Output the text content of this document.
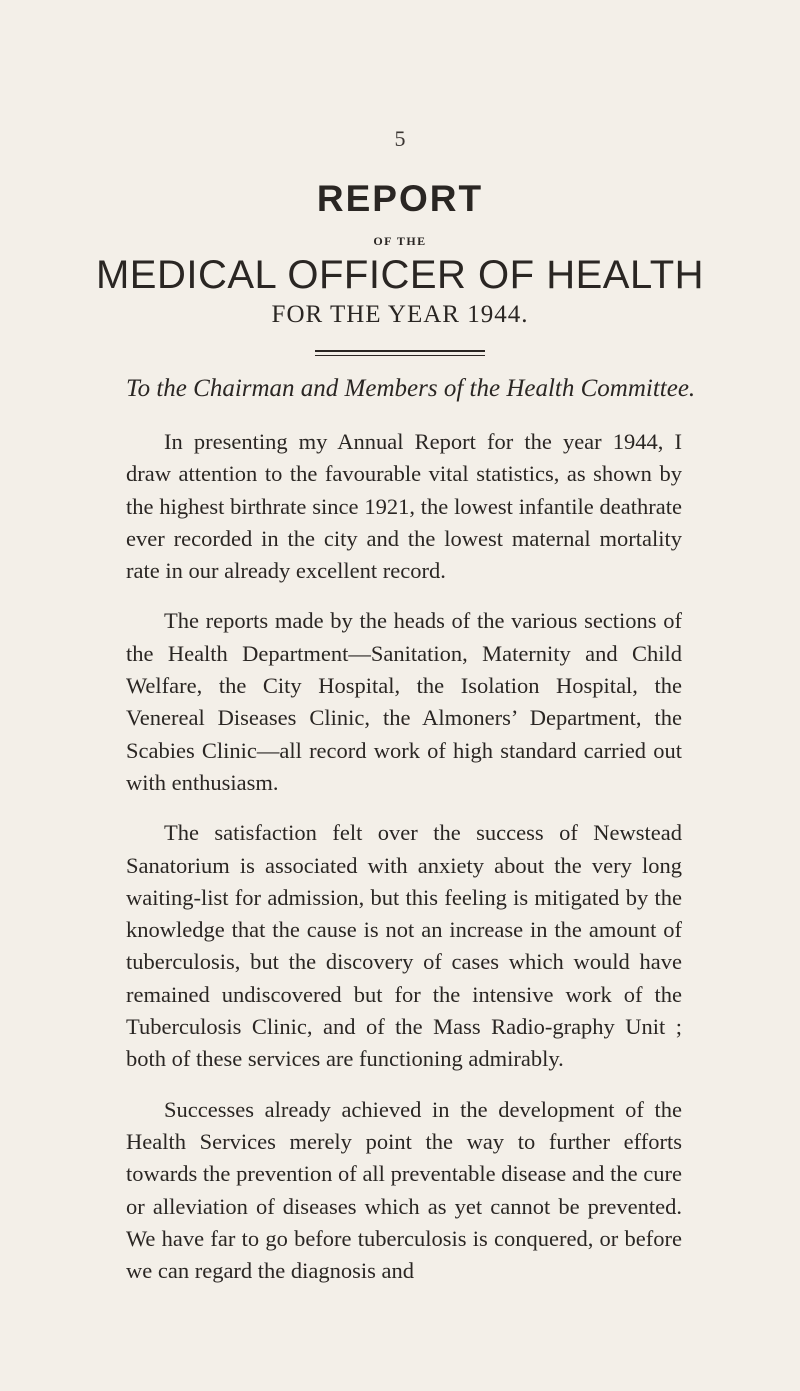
5
REPORT
OF THE
MEDICAL OFFICER OF HEALTH
FOR THE YEAR 1944.
To the Chairman and Members of the Health Committee.

In presenting my Annual Report for the year 1944, I draw attention to the favourable vital statistics, as shown by the highest birthrate since 1921, the lowest infantile deathrate ever recorded in the city and the lowest maternal mortality rate in our already excellent record.

The reports made by the heads of the various sections of the Health Department—Sanitation, Maternity and Child Welfare, the City Hospital, the Isolation Hospital, the Venereal Diseases Clinic, the Almoners’ Department, the Scabies Clinic—all record work of high standard carried out with enthusiasm.

The satisfaction felt over the success of Newstead Sanatorium is associated with anxiety about the very long waiting-list for admission, but this feeling is mitigated by the knowledge that the cause is not an increase in the amount of tuberculosis, but the discovery of cases which would have remained undiscovered but for the intensive work of the Tuberculosis Clinic, and of the Mass Radio-graphy Unit ; both of these services are functioning admirably.

Successes already achieved in the development of the Health Services merely point the way to further efforts towards the prevention of all preventable disease and the cure or alleviation of diseases which as yet cannot be prevented. We have far to go before tuberculosis is conquered, or before we can regard the diagnosis and
